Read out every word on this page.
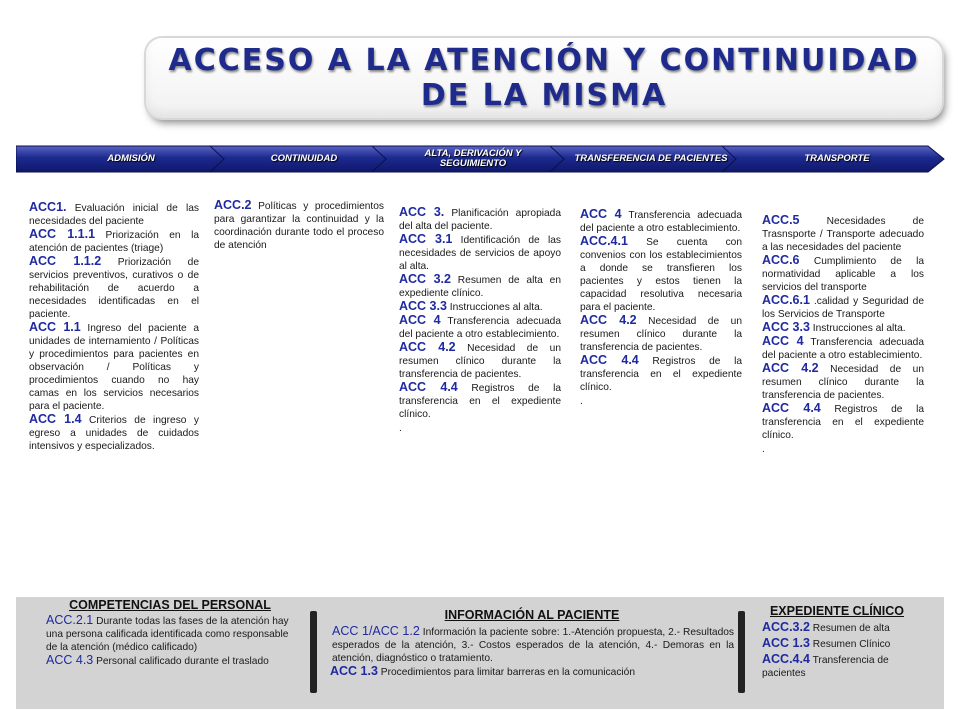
ACCESO A LA ATENCIÓN Y CONTINUIDAD DE LA MISMA
ADMISIÓN	CONTINUIDAD	ALTA, DERIVACIÓN Y SEGUIMIENTO	TRANSFERENCIA DE PACIENTES	TRANSPORTE

ACC1. Evaluación inicial de las necesidades del paciente

ACC 1.1.1 Priorización en la atención de pacientes (triage)

ACC 1.1.2 Priorización de servicios preventivos, curativos o de rehabilitación de acuerdo a necesidades identificadas en el paciente.

ACC 1.1 Ingreso del paciente a unidades de internamiento / Políticas y procedimientos para pacientes en observación / Políticas y procedimientos cuando no hay camas en los servicios necesarios para el paciente.

ACC 1.4 Criterios de ingreso y egreso a unidades de cuidados intensivos y especializados.

ACC.2 Políticas y procedimientos para garantizar la continuidad y la coordinación durante todo el proceso de atención

ACC 3. Planificación apropiada del alta del paciente.

ACC 3.1 Identificación de las necesidades de servicios de apoyo al alta.

ACC 3.2 Resumen de alta en expediente clínico.

ACC 3.3 Instrucciones al alta.

ACC 4 Transferencia adecuada del paciente a otro establecimiento.

ACC 4.2 Necesidad de un resumen clínico durante la transferencia de pacientes.

ACC 4.4 Registros de la transferencia en el expediente clínico.

.

ACC 4 Transferencia adecuada del paciente a otro establecimiento.

ACC.4.1 Se cuenta con convenios con los establecimientos a donde se transfieren los pacientes y estos tienen la capacidad resolutiva necesaria para el paciente.

ACC 4.2 Necesidad de un resumen clínico durante la transferencia de pacientes.

ACC 4.4 Registros de la transferencia en el expediente clínico.

.

ACC.5 Necesidades de Trasnsporte / Transporte adecuado a las necesidades del paciente

ACC.6 Cumplimiento de la normatividad aplicable a los servicios del transporte

ACC.6.1 .calidad y Seguridad de los Servicios de Transporte

ACC 3.3 Instrucciones al alta.

ACC 4 Transferencia adecuada del paciente a otro establecimiento.

ACC 4.2 Necesidad de un resumen clínico durante la transferencia de pacientes.

ACC 4.4 Registros de la transferencia en el expediente clínico.

.

COMPETENCIAS DEL PERSONAL

ACC.2.1 Durante todas las fases de la atención hay una persona calificada identificada como responsable de la atención (médico calificado)

ACC 4.3 Personal calificado durante el traslado

INFORMACIÓN AL PACIENTE

ACC 1/ACC 1.2 Información la paciente sobre: 1.-Atención propuesta, 2.- Resultados esperados de la atención, 3.- Costos esperados de la atención, 4.- Demoras en la atención, diagnóstico o tratamiento.

ACC 1.3 Procedimientos para limitar barreras en la comunicación

EXPEDIENTE CLÍNICO

ACC.3.2 Resumen de alta

ACC 1.3 Resumen Clínico

ACC.4.4 Transferencia de pacientes
